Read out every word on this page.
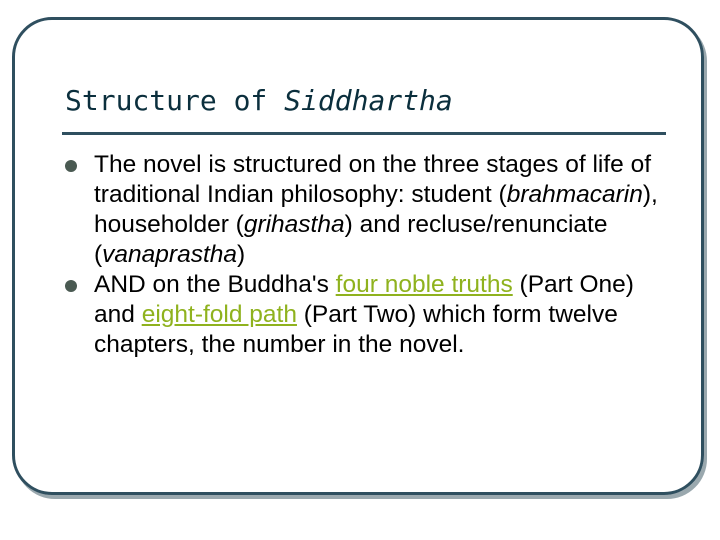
Structure of Siddhartha
The novel is structured on the three stages of life of traditional Indian philosophy: student (brahmacarin), householder (grihastha) and recluse/renunciate (vanaprastha)
AND on the Buddha's four noble truths (Part One) and eight-fold path (Part Two) which form twelve chapters, the number in the novel.
